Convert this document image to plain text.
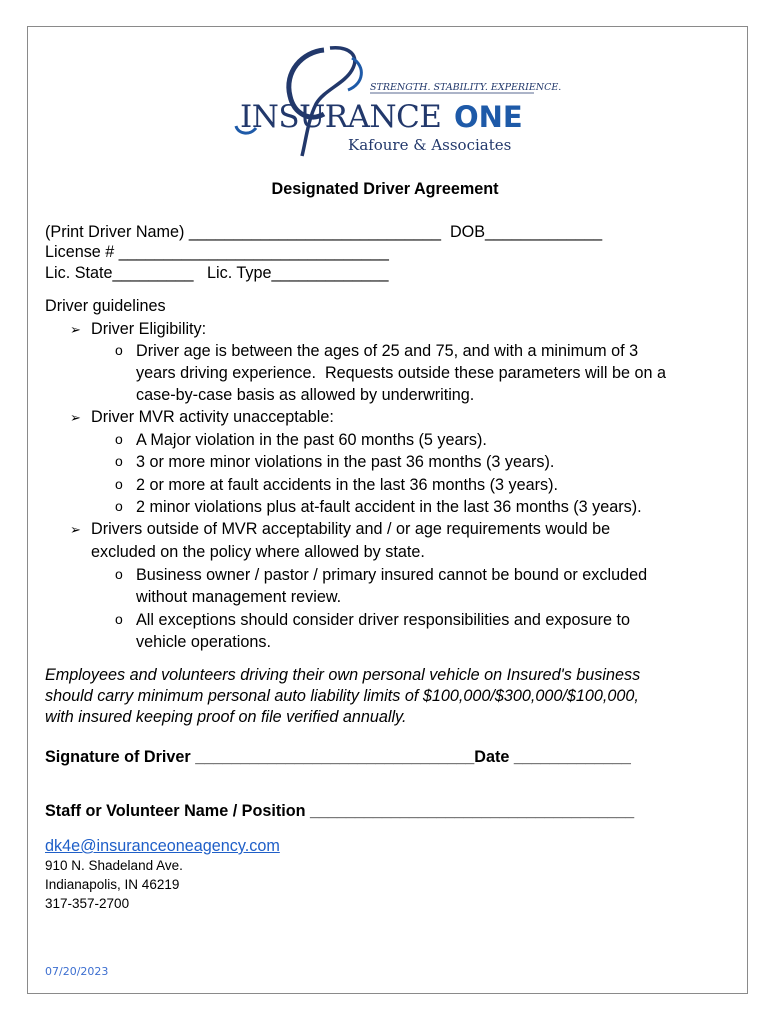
STRENGTH. STABILITY. EXPERIENCE.
INSURANCE ONE
Kafoure & Associates
Designated Driver Agreement
(Print Driver Name) ____________________________  DOB_____________
License # ______________________________
Lic. State_________   Lic. Type_____________
Driver guidelines
➢ Driver Eligibility:
o Driver age is between the ages of 25 and 75, and with a minimum of 3
years driving experience.  Requests outside these parameters will be on a
case-by-case basis as allowed by underwriting.
➢ Driver MVR activity unacceptable:
o A Major violation in the past 60 months (5 years).
o 3 or more minor violations in the past 36 months (3 years).
o 2 or more at fault accidents in the last 36 months (3 years).
o 2 minor violations plus at-fault accident in the last 36 months (3 years).
➢ Drivers outside of MVR acceptability and / or age requirements would be
excluded on the policy where allowed by state.
o Business owner / pastor / primary insured cannot be bound or excluded
without management review.
o All exceptions should consider driver responsibilities and exposure to
vehicle operations.
Employees and volunteers driving their own personal vehicle on Insured's business
should carry minimum personal auto liability limits of $100,000/$300,000/$100,000,
with insured keeping proof on file verified annually.
Signature of Driver _______________________________Date _____________
Staff or Volunteer Name / Position ____________________________________
dk4e@insuranceoneagency.com
910 N. Shadeland Ave.
Indianapolis, IN 46219
317-357-2700
07/20/2023
